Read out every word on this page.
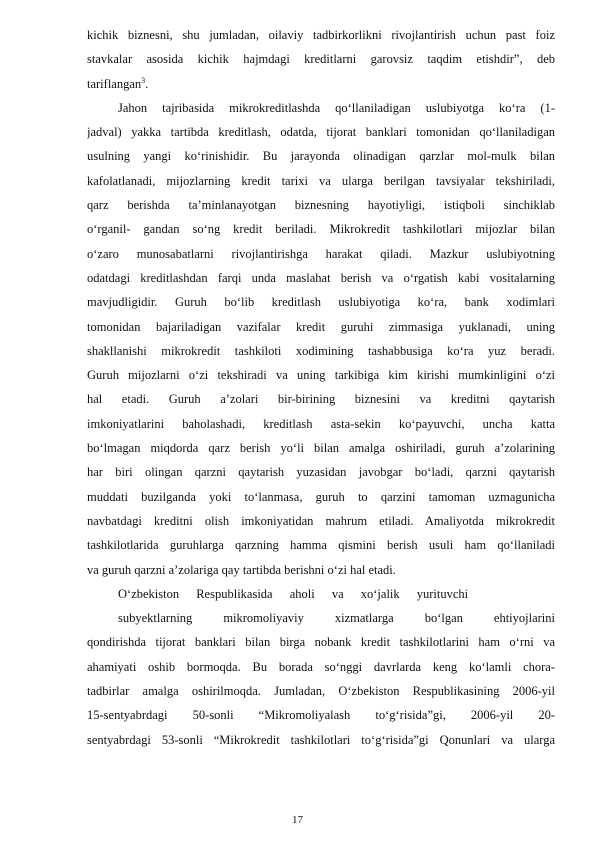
kichik biznesni, shu jumladan, oilaviy tadbirkorlikni rivojlantirish uchun past foiz
stavkalar asosida kichik hajmdagi kreditlarni garovsiz taqdim etishdir”, deb
tariflangan$^3$.
Jahon tajribasida mikrokreditlashda qo‘llaniladigan uslubiyotga ko‘ra (1-
jadval) yakka tartibda kreditlash, odatda, tijorat banklari tomonidan qo‘llaniladigan
usulning yangi ko‘rinishidir. Bu jarayonda olinadigan qarzlar mol-mulk bilan
kafolatlanadi, mijozlarning kredit tarixi va ularga berilgan tavsiyalar tekshiriladi,
qarz berishda ta’minlanayotgan biznesning hayotiyligi, istiqboli sinchiklab
o‘rganil- gandan so‘ng kredit beriladi. Mikrokredit tashkilotlari mijozlar bilan
o‘zaro munosabatlarni rivojlantirishga harakat qiladi. Mazkur uslubiyotning
odatdagi kreditlashdan farqi unda maslahat berish va o‘rgatish kabi vositalarning
mavjudligidir. Guruh bo‘lib kreditlash uslubiyotiga ko‘ra, bank xodimlari
tomonidan bajariladigan vazifalar kredit guruhi zimmasiga yuklanadi, uning
shakllanishi mikrokredit tashkiloti xodimining tashabbusiga ko‘ra yuz beradi.
Guruh mijozlarni o‘zi tekshiradi va uning tarkibiga kim kirishi mumkinligini o‘zi
hal etadi. Guruh a’zolari bir-birining biznesini va kreditni qaytarish
imkoniyatlarini baholashadi, kreditlash asta-sekin ko‘payuvchi, uncha katta
bo‘lmagan miqdorda qarz berish yo‘li bilan amalga oshiriladi, guruh a’zolarining
har biri olingan qarzni qaytarish yuzasidan javobgar bo‘ladi, qarzni qaytarish
muddati buzilganda yoki to‘lanmasa, guruh to qarzini tamoman uzmagunicha
navbatdagi kreditni olish imkoniyatidan mahrum etiladi. Amaliyotda mikrokredit
tashkilotlarida guruhlarga qarzning hamma qismini berish usuli ham qo‘llaniladi
va guruh qarzni a’zolariga qay tartibda berishni o‘zi hal etadi.
O‘zbekiston Respublikasida aholi va xo‘jalik yurituvchi
subyektlarning mikromoliyaviy xizmatlarga bo‘lgan ehtiyojlarini
qondirishda tijorat banklari bilan birga nobank kredit tashkilotlarini ham o‘rni va
ahamiyati oshib bormoqda. Bu borada so‘nggi davrlarda keng ko‘lamli chora-
tadbirlar amalga oshirilmoqda. Jumladan, O‘zbekiston Respublikasining 2006-yil
15-sentyabrdagi 50-sonli “Mikromoliyalash to‘g‘risida”gi, 2006-yil 20-
sentyabrdagi 53-sonli “Mikrokredit tashkilotlari to‘g‘risida”gi Qonunlari va ularga
17
